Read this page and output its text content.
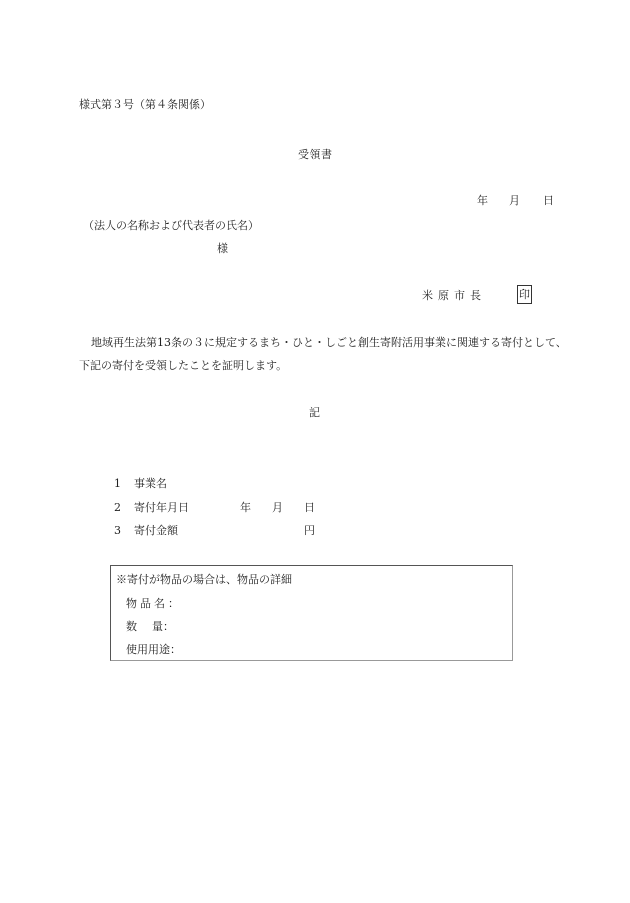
様式第３号（第４条関係）
受領書
年 月 日
（法人の名称および代表者の氏名）
様
米原市長	印
地域再生法第13条の３に規定するまち・ひと・しごと創生寄附活用事業に関連する寄付として、
下記の寄付を受領したことを証明します。
記
1 事業名
2 寄付年月日	年 月 日
3 寄付金額	円
※寄付が物品の場合は、物品の詳細
物品名：
数量：
使用用途：
